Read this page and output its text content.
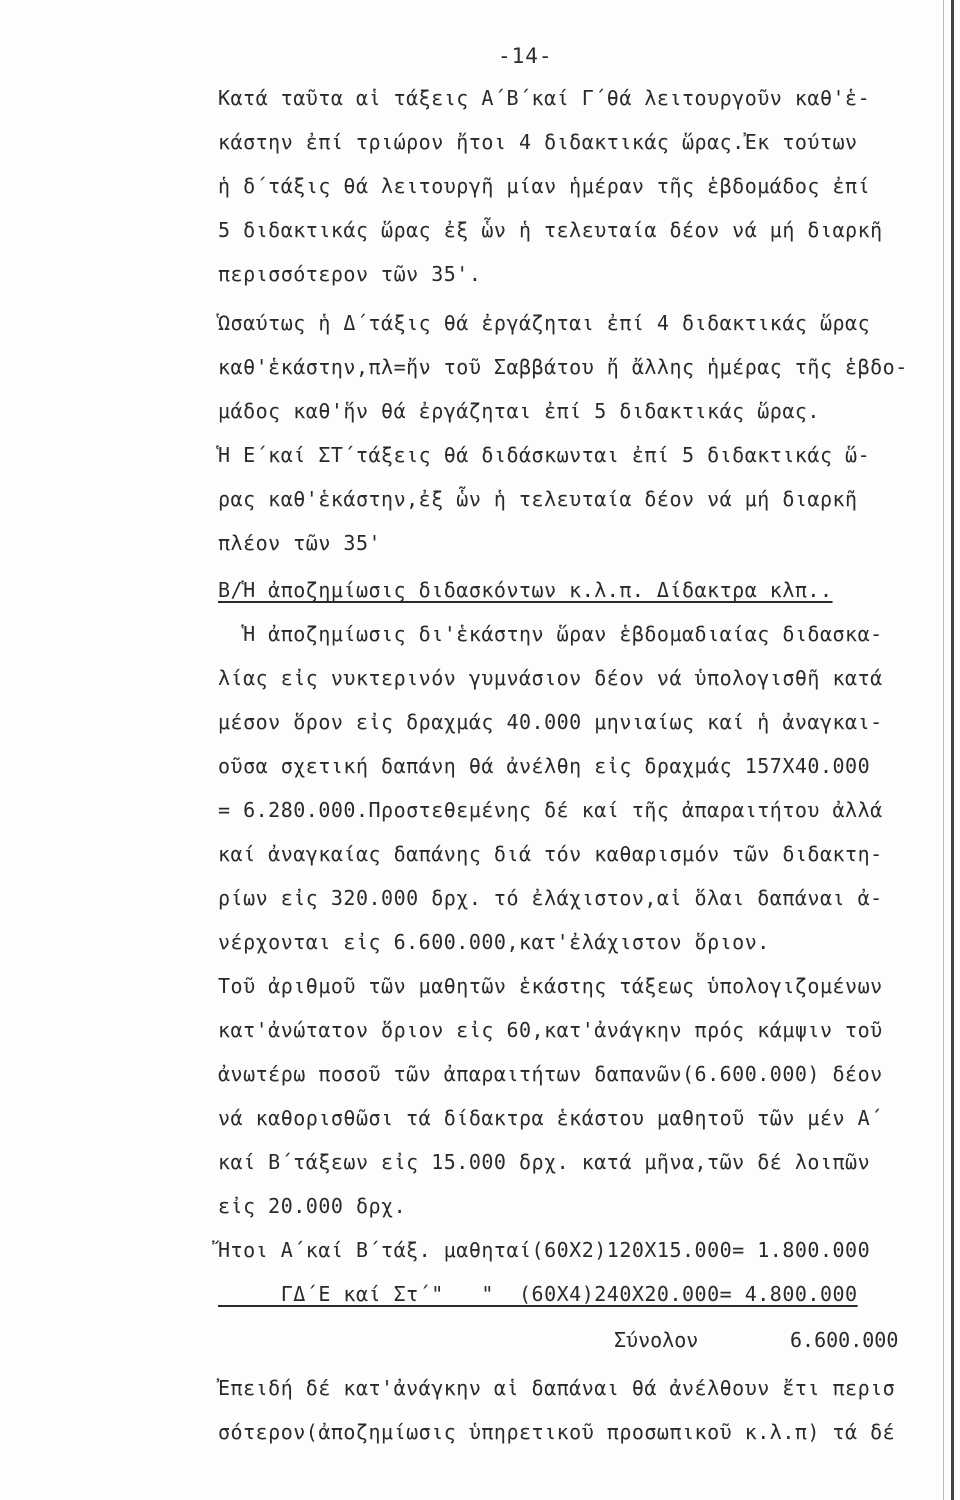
-14-
Κατά ταῦτα αἱ τάξεις Α΄Β΄καί Γ΄θά λειτουργοῦν καθ'ἑ-
κάστην ἐπί τριώρον ἤτοι 4 διδακτικάς ὥρας.Ἐκ τούτων
ἡ δ΄τάξις θά λειτουργῆ μίαν ἡμέραν τῆς ἑβδομάδος ἐπί
5 διδακτικάς ὥρας ἐξ ὧν ἡ τελευταία δέον νά μή διαρκῆ
περισσότερον τῶν 35'.
Ὡσαύτως ἡ Δ΄τάξις θά ἐργάζηται ἐπί 4 διδακτικάς ὥρας
καθ'ἑκάστην,πλ=ἤν τοῦ Σαββάτου ἤ ἄλλης ἡμέρας τῆς ἑβδο-
μάδος καθ'ἥν θά ἐργάζηται ἐπί 5 διδακτικάς ὥρας.
Ἡ Ε΄καί ΣΤ΄τάξεις θά διδάσκωνται ἐπί 5 διδακτικάς ὥ-
ρας καθ'ἑκάστην,ἐξ ὧν ἡ τελευταία δέον νά μή διαρκῆ
πλέον τῶν 35'
Β/Ἡ ἀποζημίωσις διδασκόντων κ.λ.π. Δίδακτρα κλπ..
Ἡ ἀποζημίωσις δι'ἑκάστην ὥραν ἑβδομαδιαίας διδασκα-
λίας εἰς νυκτερινόν γυμνάσιον δέον νά ὑπολογισθῆ κατά
μέσον ὅρον εἰς δραχμάς 40.000 μηνιαίως καί ἡ ἀναγκαι-
οῦσα σχετική δαπάνη θά ἀνέλθη εἰς δραχμάς 157Χ40.000
= 6.280.000.Προστεθεμένης δέ καί τῆς ἀπαραιτήτου ἀλλά
καί ἀναγκαίας δαπάνης διά τόν καθαρισμόν τῶν διδακτη-
ρίων εἰς 320.000 δρχ. τό ἐλάχιστον,αἱ ὅλαι δαπάναι ἀ-
νέρχονται εἰς 6.600.000,κατ'ἐλάχιστον ὅριον.
Τοῦ ἀριθμοῦ τῶν μαθητῶν ἑκάστης τάξεως ὑπολογιζομένων
κατ'ἀνώτατον ὅριον εἰς 60,κατ'ἀνάγκην πρός κάμψιν τοῦ
ἀνωτέρω ποσοῦ τῶν ἀπαραιτήτων δαπανῶν(6.600.000) δέον
νά καθορισθῶσι τά δίδακτρα ἑκάστου μαθητοῦ τῶν μέν Α΄
καί Β΄τάξεων εἰς 15.000 δρχ. κατά μῆνα,τῶν δέ λοιπῶν
εἰς 20.000 δρχ.
Ἤτοι Α΄καί Β΄τάξ. μαθηταί(60Χ2)120Χ15.000= 1.800.000
ΓΔ΄Ε καί Στ΄"   "  (60Χ4)240Χ20.000= 4.800.000
Σύνολον	6.600.000
Ἐπειδή δέ κατ'ἀνάγκην αἱ δαπάναι θά ἀνέλθουν ἔτι περισ
σότερον(ἀποζημίωσις ὑπηρετικοῦ προσωπικοῦ κ.λ.π) τά δέ
